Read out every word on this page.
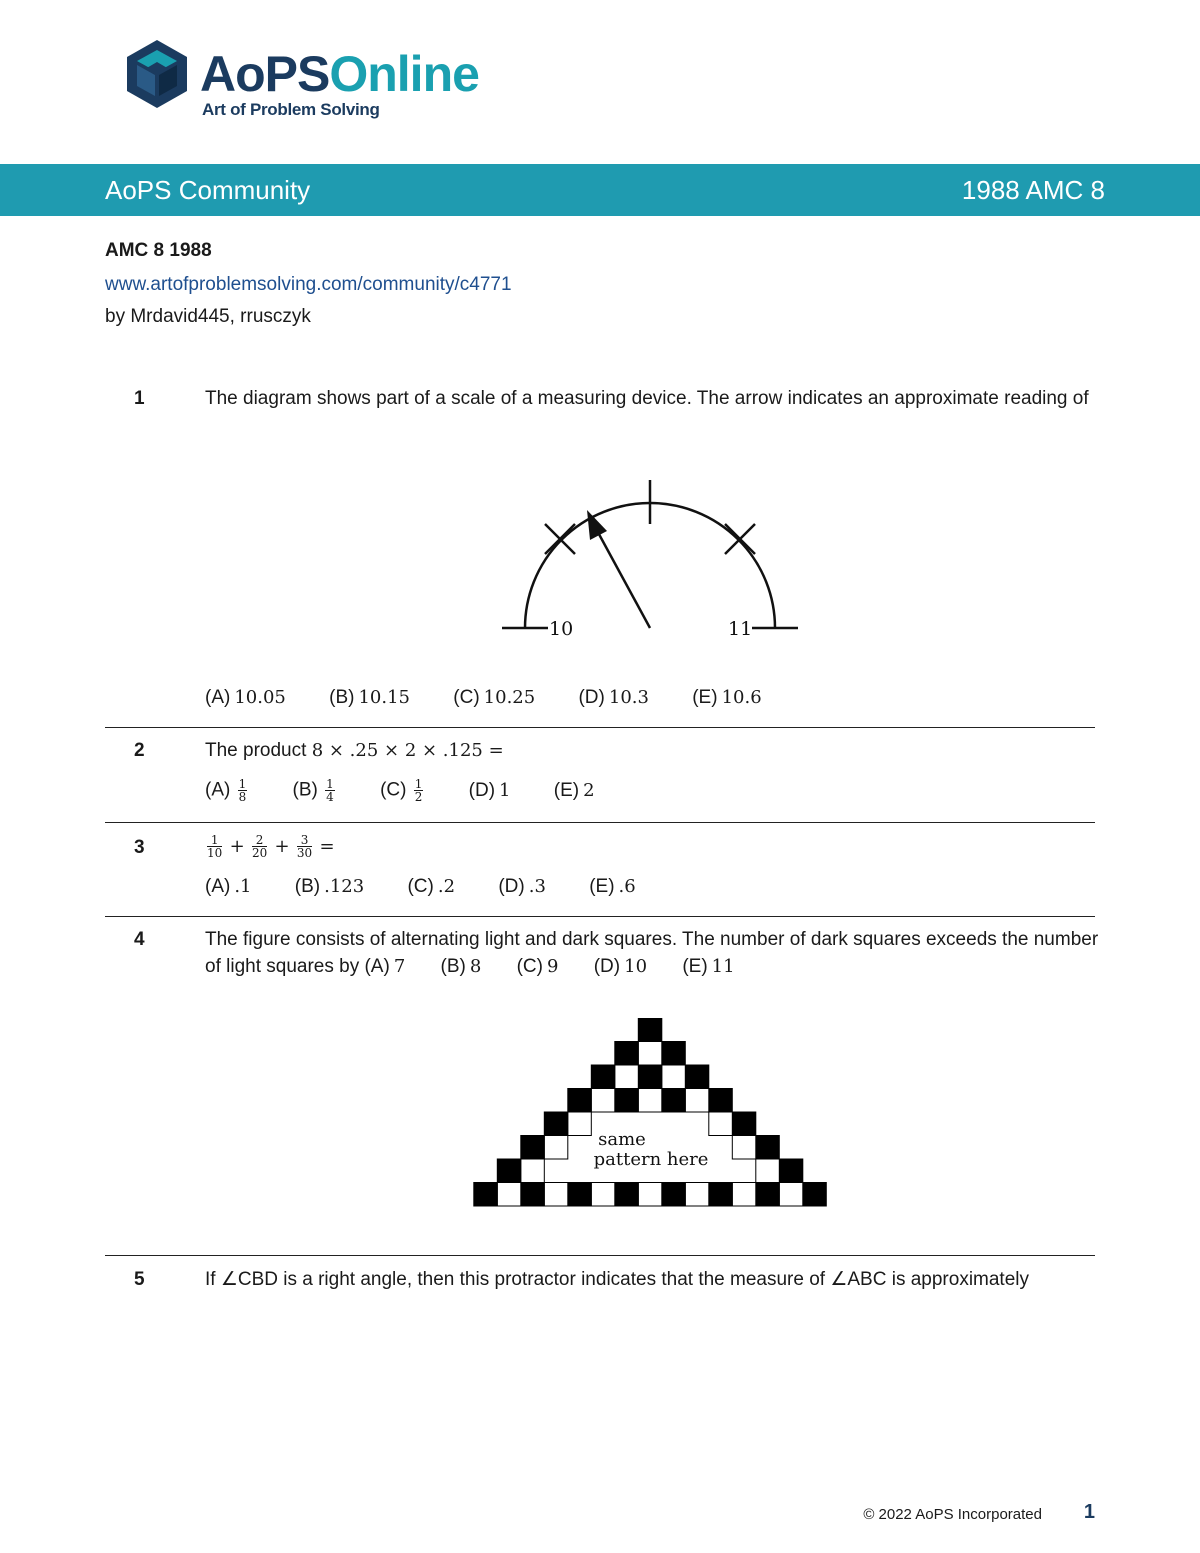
AoPSOnline
Art of Problem Solving
AoPS Community	1988 AMC 8
AMC 8 1988
www.artofproblemsolving.com/community/c4771
by Mrdavid445, rrusczyk
1	The diagram shows part of a scale of a measuring device. The arrow indicates an approximate reading of
10	11
(A) 10.05 (B) 10.15 (C) 10.25 (D) 10.3 (E) 10.6
2	The product 8 × .25 × 2 × .125 =
$(A) \frac{1}{8} (B) \frac{1}{4} (C) \frac{1}{2} (D)$ 1 (E) 2
3	$\frac{1}{10} + \frac{2}{20} + \frac{3}{30}$ =
(A) .1 (B) .123 (C) .2 (D) .3 (E) .6
4	The figure consists of alternating light and dark squares. The number of dark squares exceeds the number of light squares by (A) 7 (B) 8 (C) 9 (D) 10 (E) 11
same
pattern here
5	If ∠CBD is a right angle, then this protractor indicates that the measure of ∠ABC is approximately
© 2022 AoPS Incorporated 1
